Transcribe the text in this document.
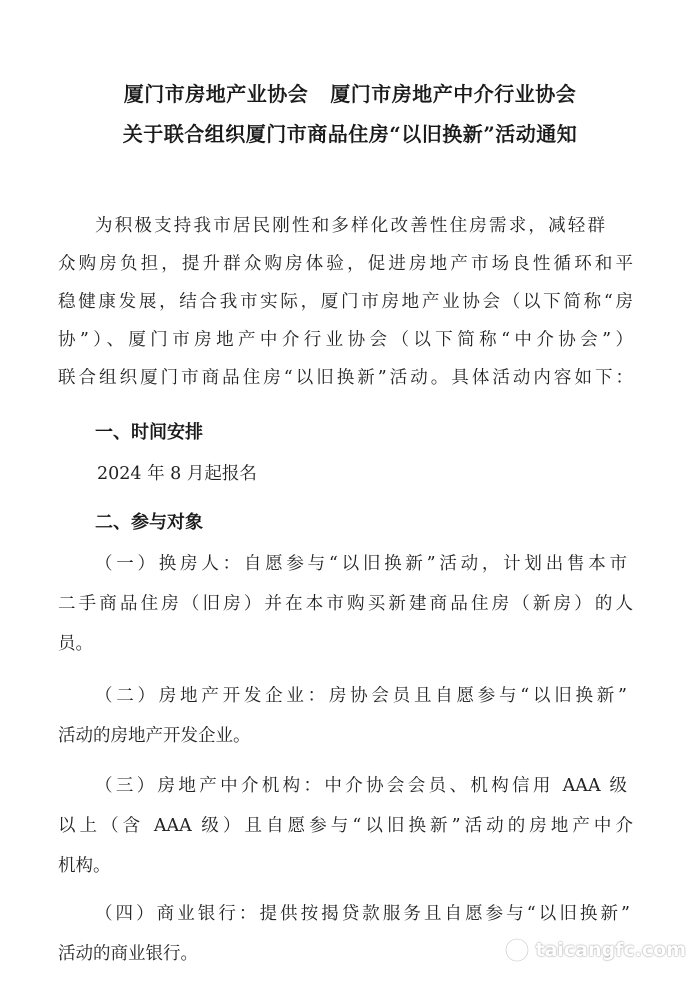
厦门市房地产业协会 厦门市房地产中介行业协会
关于联合组织厦门市商品住房“以旧换新”活动通知
为积极支持我市居民刚性和多样化改善性住房需求，减轻群
众购房负担，提升群众购房体验，促进房地产市场良性循环和平
稳健康发展，结合我市实际，厦门市房地产业协会（以下简称“房
协”）、厦门市房地产中介行业协会（以下简称“中介协会”）
联合组织厦门市商品住房“以旧换新”活动。具体活动内容如下：
一、时间安排
2024 年 8 月起报名
二、参与对象
（一）换房人：自愿参与“以旧换新”活动，计划出售本市
二手商品住房（旧房）并在本市购买新建商品住房（新房）的人
员。
（二）房地产开发企业：房协会员且自愿参与“以旧换新”
活动的房地产开发企业。
（三）房地产中介机构：中介协会会员、机构信用 AAA 级
以上（含 AAA 级）且自愿参与“以旧换新”活动的房地产中介
机构。
（四）商业银行：提供按揭贷款服务且自愿参与“以旧换新”
活动的商业银行。	taicangfc.com
